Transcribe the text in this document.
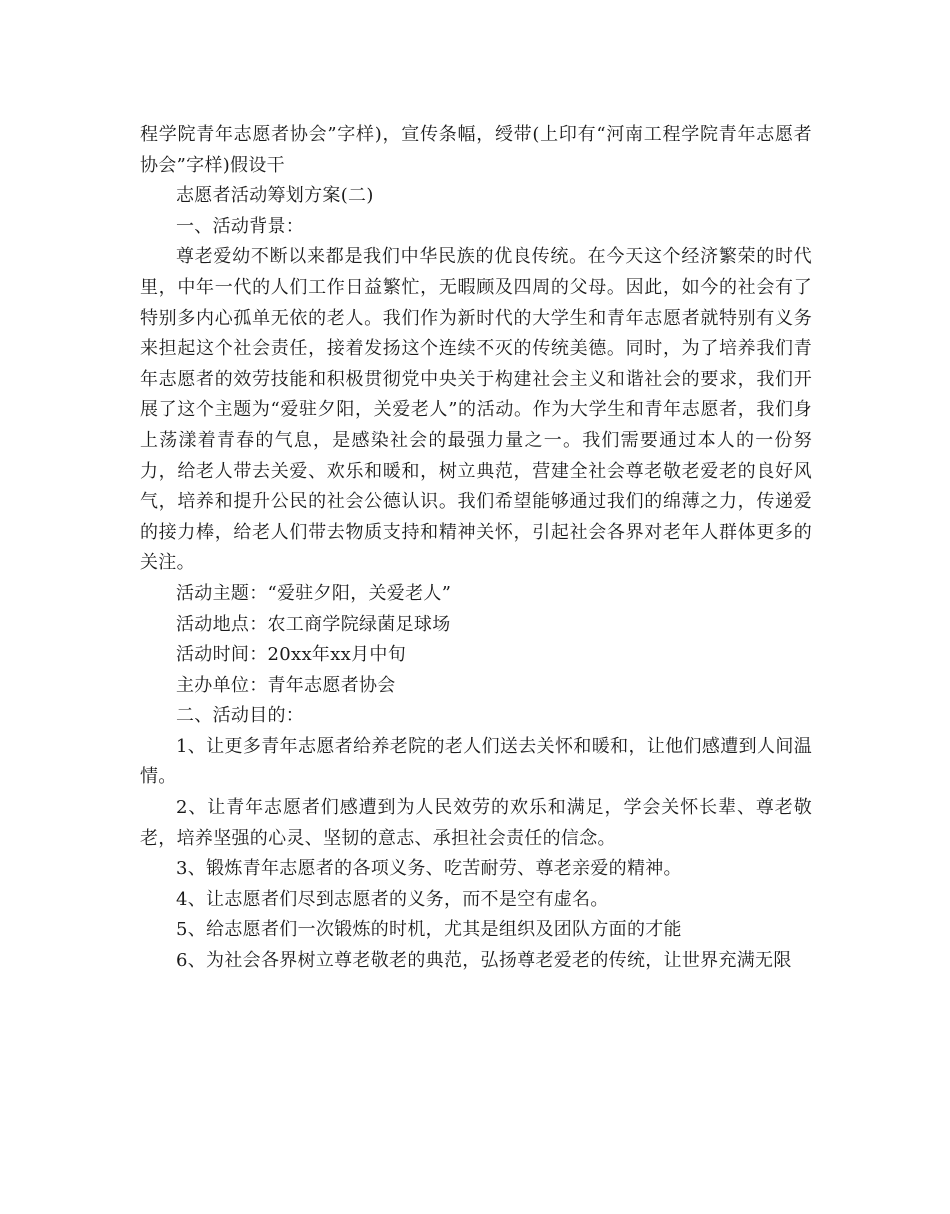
程学院青年志愿者协会”字样)，宣传条幅，绶带(上印有“河南工程学院青年志愿者协会”字样)假设干

志愿者活动筹划方案(二)

一、活动背景：

尊老爱幼不断以来都是我们中华民族的优良传统。在今天这个经济繁荣的时代里，中年一代的人们工作日益繁忙，无暇顾及四周的父母。因此，如今的社会有了特别多内心孤单无依的老人。我们作为新时代的大学生和青年志愿者就特别有义务来担起这个社会责任，接着发扬这个连续不灭的传统美德。同时，为了培养我们青年志愿者的效劳技能和积极贯彻党中央关于构建社会主义和谐社会的要求，我们开展了这个主题为“爱驻夕阳，关爱老人”的活动。作为大学生和青年志愿者，我们身上荡漾着青春的气息，是感染社会的最强力量之一。我们需要通过本人的一份努力，给老人带去关爱、欢乐和暖和，树立典范，营建全社会尊老敬老爱老的良好风气，培养和提升公民的社会公德认识。我们希望能够通过我们的绵薄之力，传递爱的接力棒，给老人们带去物质支持和精神关怀，引起社会各界对老年人群体更多的关注。

活动主题：“爱驻夕阳，关爱老人”

活动地点：农工商学院绿菌足球场

活动时间：20xx年xx月中旬

主办单位：青年志愿者协会

二、活动目的：

1、让更多青年志愿者给养老院的老人们送去关怀和暖和，让他们感遭到人间温情。

2、让青年志愿者们感遭到为人民效劳的欢乐和满足，学会关怀长辈、尊老敬老，培养坚强的心灵、坚韧的意志、承担社会责任的信念。

3、锻炼青年志愿者的各项义务、吃苦耐劳、尊老亲爱的精神。

4、让志愿者们尽到志愿者的义务，而不是空有虚名。

5、给志愿者们一次锻炼的时机，尤其是组织及团队方面的才能

6、为社会各界树立尊老敬老的典范，弘扬尊老爱老的传统，让世界充满无限
